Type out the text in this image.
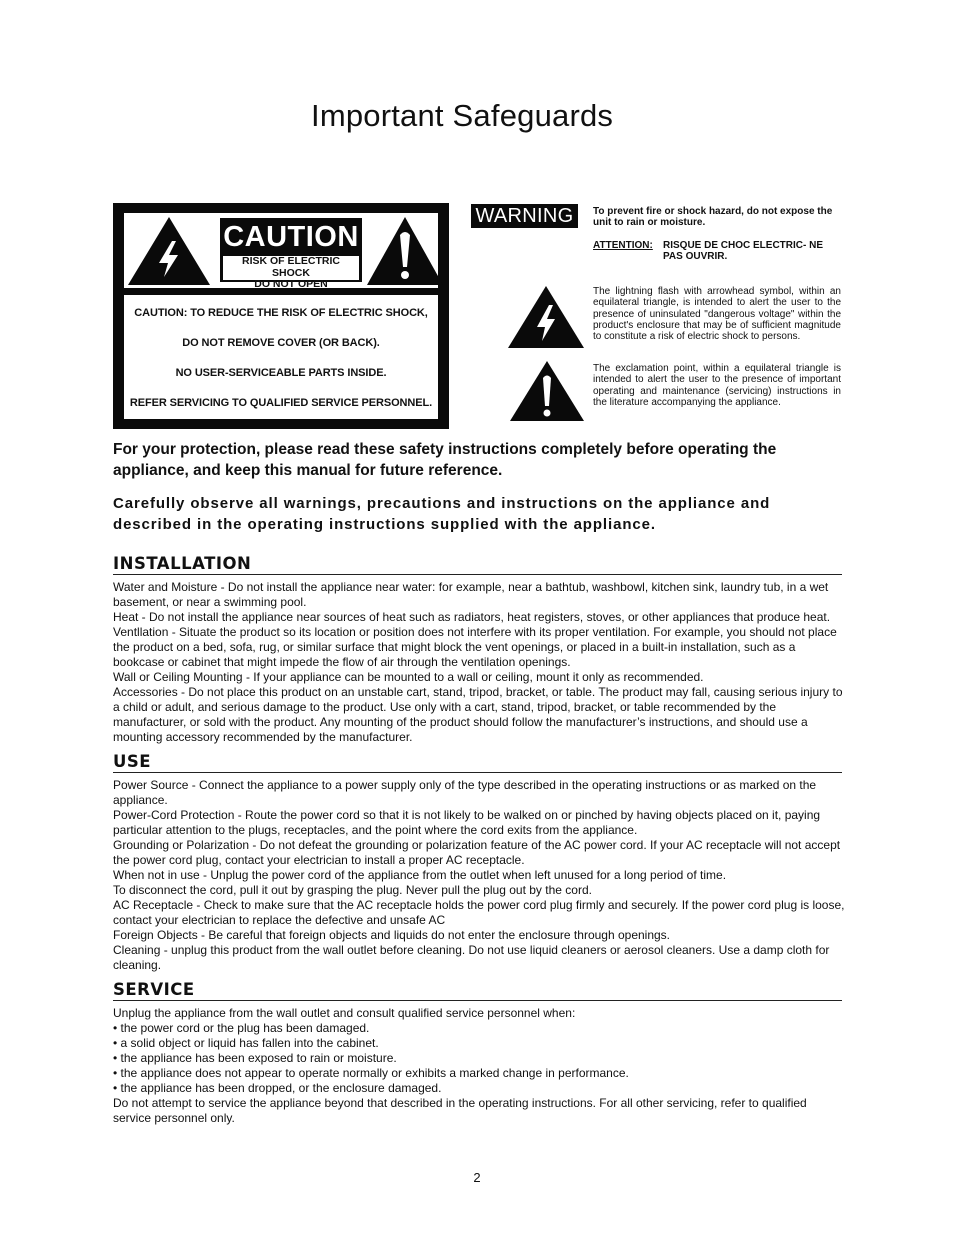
Important Safeguards
CAUTION
RISK OF ELECTRIC SHOCK
DO NOT OPEN
CAUTION: TO REDUCE THE RISK OF ELECTRIC SHOCK,
DO NOT REMOVE COVER (OR BACK).
NO USER-SERVICEABLE PARTS INSIDE.
REFER SERVICING TO QUALIFIED SERVICE PERSONNEL.
WARNING	To prevent fire or shock hazard, do not expose the unit to rain or moisture.
ATTENTION: RISQUE DE CHOC ELECTRIC- NE PAS OUVRIR.
The lightning flash with arrowhead symbol, within an equilateral triangle, is intended to alert the user to the presence of uninsulated "dangerous voltage" within the product's enclosure that may be of sufficient magnitude to constitute a risk of electric shock to persons.
The exclamation point, within a equilateral triangle is intended to alert the user to the presence of important operating and maintenance (servicing) instructions in the literature accompanying the appliance.
For your protection, please read these safety instructions completely before operating the appliance, and keep this manual for future reference.
Carefully observe all warnings, precautions and instructions on the appliance and described in the operating instructions supplied with the appliance.
INSTALLATION

Water and Moisture - Do not install the appliance near water: for example, near a bathtub, washbowl, kitchen sink, laundry tub, in a wet basement, or near a swimming pool.

Heat - Do not install the appliance near sources of heat such as radiators, heat registers, stoves, or other appliances that produce heat.

Ventllation - Situate the product so its location or position does not interfere with its proper ventilation. For example, you should not place the product on a bed, sofa, rug, or similar surface that might block the vent openings, or placed in a built-in installation, such as a bookcase or cabinet that might impede the flow of air through the ventilation openings.

Wall or Ceiling Mounting - If your appliance can be mounted to a wall or ceiling, mount it only as recommended.

Accessories - Do not place this product on an unstable cart, stand, tripod, bracket, or table. The product may fall, causing serious injury to a child or adult, and serious damage to the product. Use only with a cart, stand, tripod, bracket, or table recommended by the manufacturer, or sold with the product. Any mounting of the product should follow the manufacturer’s instructions, and should use a mounting accessory recommended by the manufacturer.

USE

Power Source - Connect the appliance to a power supply only of the type described in the operating instructions or as marked on the appliance.

Power-Cord Protection - Route the power cord so that it is not likely to be walked on or pinched by having objects placed on it, paying particular attention to the plugs, receptacles, and the point where the cord exits from the appliance.

Grounding or Polarization - Do not defeat the grounding or polarization feature of the AC power cord. If your AC receptacle will not accept the power cord plug, contact your electrician to install a proper AC receptacle.

When not in use - Unplug the power cord of the appliance from the outlet when left unused for a long period of time.

To disconnect the cord, pull it out by grasping the plug. Never pull the plug out by the cord.

AC Receptacle - Check to make sure that the AC receptacle holds the power cord plug firmly and securely. If the power cord plug is loose, contact your electrician to replace the defective and unsafe AC

Foreign Objects - Be careful that foreign objects and liquids do not enter the enclosure through openings.

Cleaning - unplug this product from the wall outlet before cleaning. Do not use liquid cleaners or aerosol cleaners. Use a damp cloth for cleaning.

SERVICE

Unplug the appliance from the wall outlet and consult qualified service personnel when:

• the power cord or the plug has been damaged.

• a solid object or liquid has fallen into the cabinet.

• the appliance has been exposed to rain or moisture.

• the appliance does not appear to operate normally or exhibits a marked change in performance.

• the appliance has been dropped, or the enclosure damaged.

Do not attempt to service the appliance beyond that described in the operating instructions. For all other servicing, refer to qualified service personnel only.

2
